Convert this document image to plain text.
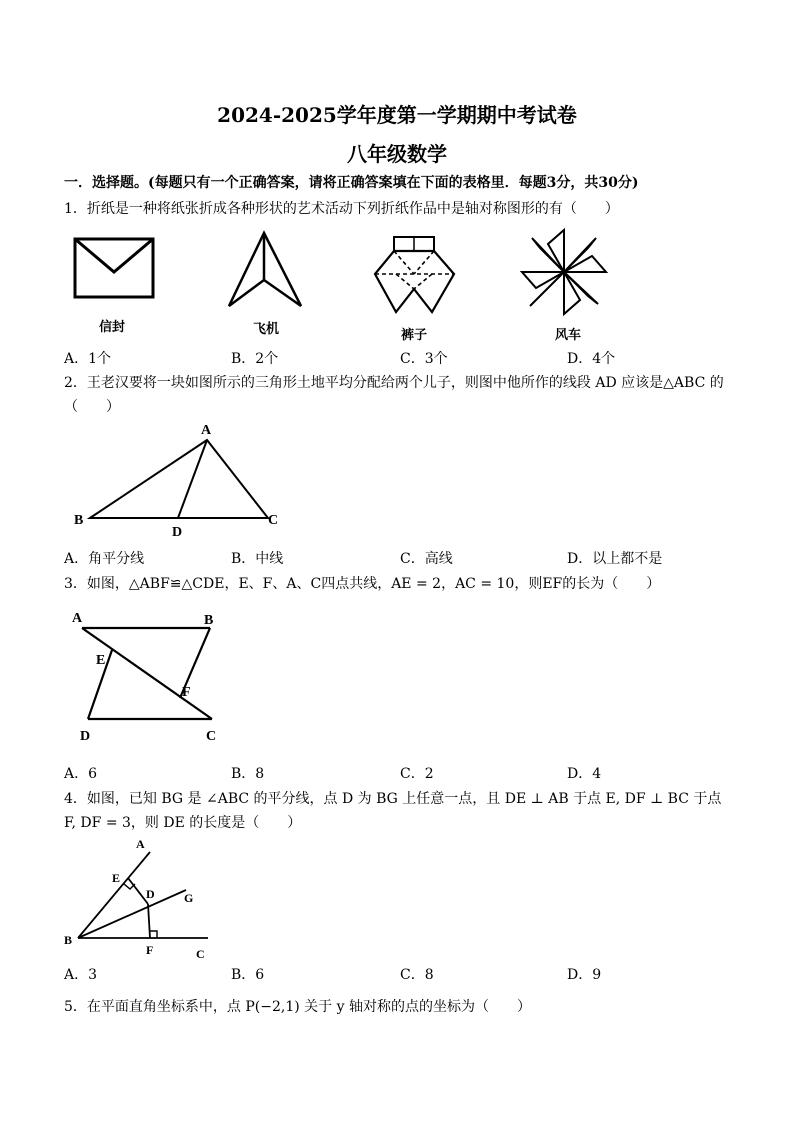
2024-2025学年度第一学期期中考试卷
八年级数学
一．选择题。(每题只有一个正确答案，请将正确答案填在下面的表格里．每题3分，共30分)
1．折纸是一种将纸张折成各种形状的艺术活动下列折纸作品中是轴对称图形的有（　　）
信封	飞机	裤子	风车
A．1个	B．2个	C．3个	D．4个
2．王老汉要将一块如图所示的三角形土地平均分配给两个儿子，则图中他所作的线段 AD 应该是△ABC 的
（　　）
A
B	C
D
A．角平分线	B．中线	C．高线	D．以上都不是
3．如图，△ABF≌△CDE，E、F、A、C四点共线，AE = 2，AC = 10，则EF的长为（　　）
A	B
C
D
E
F
A．6	B．8	C．2	D．4
4．如图，已知 BG 是 ∠ABC 的平分线，点 D 为 BG 上任意一点，且 DE ⊥ AB 于点 E, DF ⊥ BC 于点
F, DF = 3，则 DE 的长度是（　　）
A
B
C
D
E
F
G
A．3	B．6	C．8	D．9
5．在平面直角坐标系中，点 P(−2,1) 关于 y 轴对称的点的坐标为（　　）
